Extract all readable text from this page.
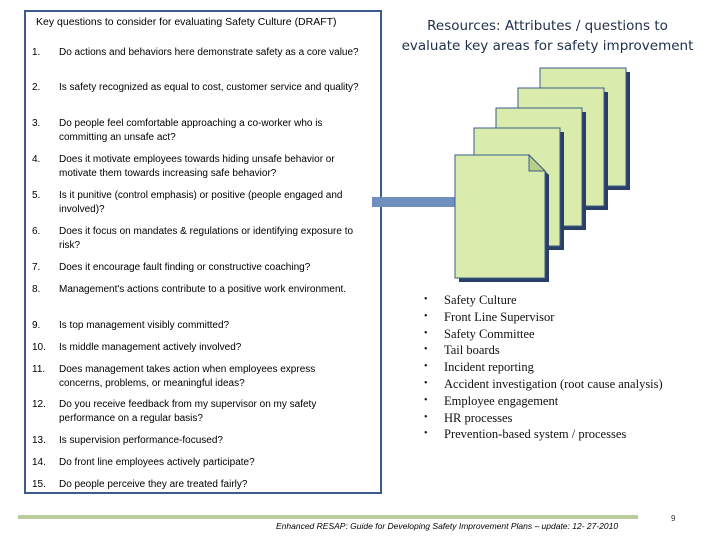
Key questions to consider for evaluating Safety Culture (DRAFT)
1. Do actions and behaviors here demonstrate safety as a core value?
2. Is safety recognized as equal to cost, customer service and quality?
3. Do people feel comfortable approaching a co-worker who is committing an unsafe act?
4. Does it motivate employees towards hiding unsafe behavior or motivate them towards increasing safe behavior?
5. Is it punitive (control emphasis) or positive (people engaged and involved)?
6. Does it focus on mandates & regulations or identifying exposure to risk?
7. Does it encourage fault finding or constructive coaching?
8. Management's actions contribute to a positive work environment.
9. Is top management visibly committed?
10. Is middle management actively involved?
11. Does management takes action when employees express concerns, problems, or meaningful ideas?
12. Do you receive feedback from my supervisor on my safety performance on a regular basis?
13. Is supervision performance-focused?
14. Do front line employees actively participate?
15. Do people perceive they are treated fairly?
Resources: Attributes / questions to
evaluate key areas for safety improvement
• Safety Culture
• Front Line Supervisor
• Safety Committee
• Tail boards
• Incident reporting
• Accident investigation (root cause analysis)
• Employee engagement
• HR processes
• Prevention-based system / processes
Enhanced RESAP: Guide for Developing Safety Improvement Plans – update: 12- 27-2010
9
